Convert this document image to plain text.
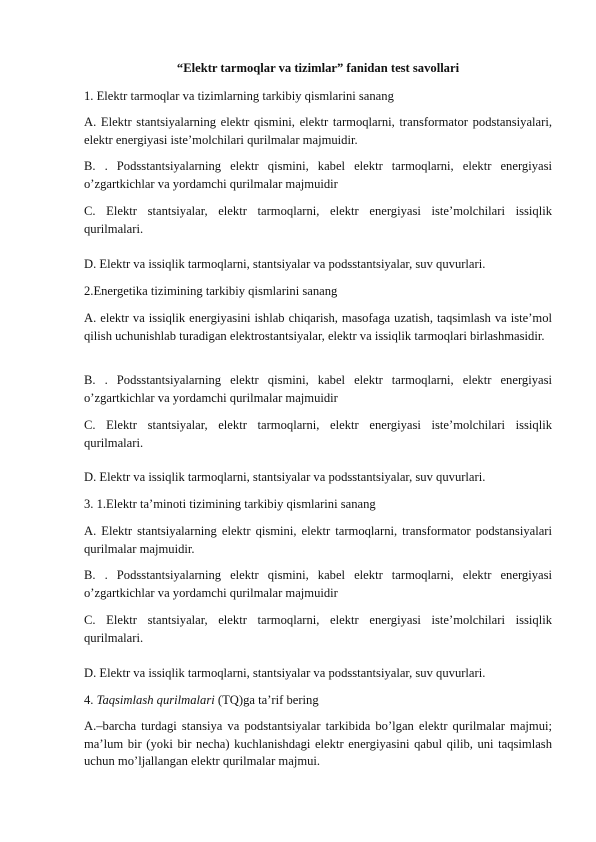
“Elektr tarmoqlar va tizimlar” fanidan test savollari
1. Elektr tarmoqlar va tizimlarning tarkibiy qismlarini sanang
A. Elektr stantsiyalarning elektr qismini, elektr tarmoqlarni, transformator podstansiyalari, elektr energiyasi iste’molchilari qurilmalar majmuidir.
B. . Podsstantsiyalarning elektr qismini, kabel elektr tarmoqlarni, elektr energiyasi o’zgartkichlar va yordamchi qurilmalar majmuidir
C. Elektr stantsiyalar, elektr tarmoqlarni, elektr energiyasi iste’molchilari issiqlik qurilmalari.
D. Elektr va issiqlik tarmoqlarni, stantsiyalar va podsstantsiyalar, suv quvurlari.
2.Energetika tizimining tarkibiy qismlarini sanang
A. elektr va issiqlik energiyasini ishlab chiqarish, masofaga uzatish, taqsimlash va iste’mol qilish uchunishlab turadigan elektrostantsiyalar, elektr va issiqlik tarmoqlari birlashmasidir.
B. . Podsstantsiyalarning elektr qismini, kabel elektr tarmoqlarni, elektr energiyasi o’zgartkichlar va yordamchi qurilmalar majmuidir
C. Elektr stantsiyalar, elektr tarmoqlarni, elektr energiyasi iste’molchilari issiqlik qurilmalari.
D. Elektr va issiqlik tarmoqlarni, stantsiyalar va podsstantsiyalar, suv quvurlari.
3. 1.Elektr ta’minoti tizimining tarkibiy qismlarini sanang
A. Elektr stantsiyalarning elektr qismini, elektr tarmoqlarni, transformator podstansiyalari qurilmalar majmuidir.
B. . Podsstantsiyalarning elektr qismini, kabel elektr tarmoqlarni, elektr energiyasi o’zgartkichlar va yordamchi qurilmalar majmuidir
C. Elektr stantsiyalar, elektr tarmoqlarni, elektr energiyasi iste’molchilari issiqlik qurilmalari.
D. Elektr va issiqlik tarmoqlarni, stantsiyalar va podsstantsiyalar, suv quvurlari.
4. Taqsimlash qurilmalari (TQ)ga ta’rif bering
A.–barcha turdagi stansiya va podstantsiyalar tarkibida bo’lgan elektr qurilmalar majmui; ma’lum bir (yoki bir necha) kuchlanishdagi elektr energiyasini qabul qilib, uni taqsimlash uchun mo’ljallangan elektr qurilmalar majmui.
